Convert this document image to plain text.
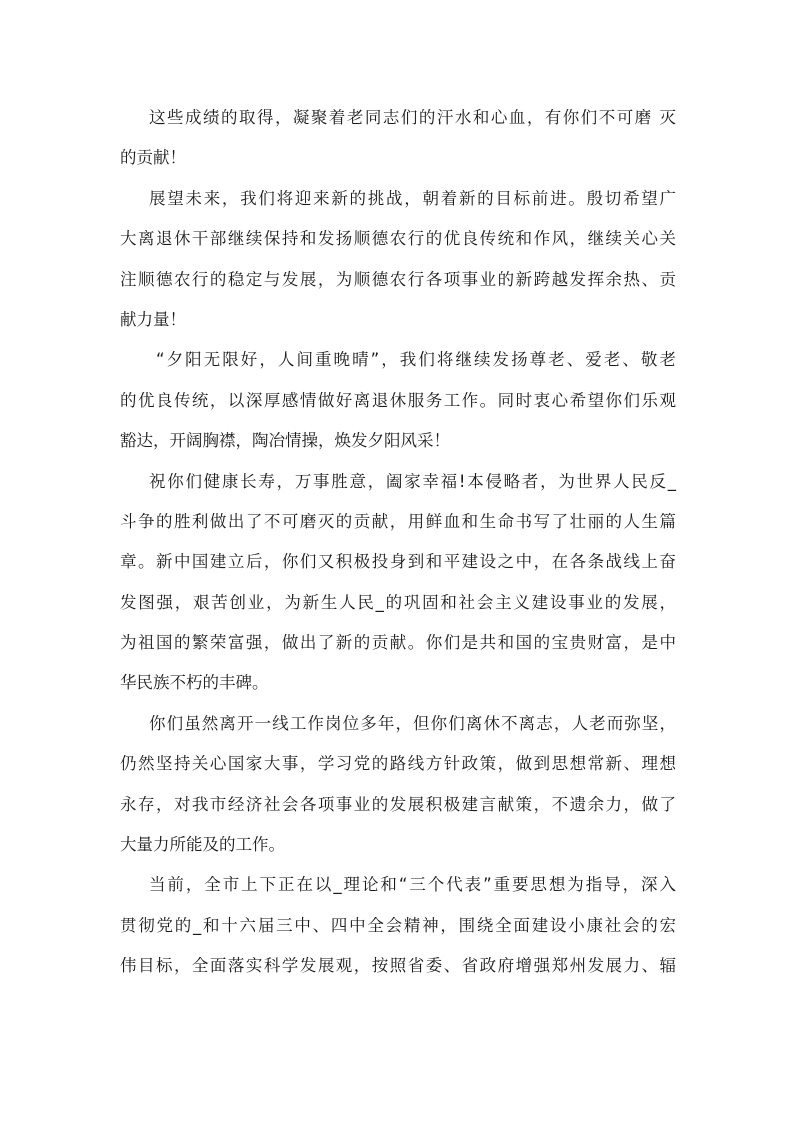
这些成绩的取得，凝聚着老同志们的汗水和心血，有你们不可磨 灭
的贡献！
展望未来，我们将迎来新的挑战，朝着新的目标前进。殷切希望广
大离退休干部继续保持和发扬顺德农行的优良传统和作风，继续关心关
注顺德农行的稳定与发展，为顺德农行各项事业的新跨越发挥余热、贡
献力量！
“夕阳无限好，人间重晚晴”，我们将继续发扬尊老、爱老、敬老
的优良传统，以深厚感情做好离退休服务工作。同时衷心希望你们乐观
豁达，开阔胸襟，陶冶情操，焕发夕阳风采！
祝你们健康长寿，万事胜意，阖家幸福!本侵略者，为世界人民反_
斗争的胜利做出了不可磨灭的贡献，用鲜血和生命书写了壮丽的人生篇
章。新中国建立后，你们又积极投身到和平建设之中，在各条战线上奋
发图强，艰苦创业，为新生人民_的巩固和社会主义建设事业的发展，
为祖国的繁荣富强，做出了新的贡献。你们是共和国的宝贵财富，是中
华民族不朽的丰碑。
你们虽然离开一线工作岗位多年，但你们离休不离志，人老而弥坚，
仍然坚持关心国家大事，学习党的路线方针政策，做到思想常新、理想
永存，对我市经济社会各项事业的发展积极建言献策，不遗余力，做了
大量力所能及的工作。
当前，全市上下正在以_理论和“三个代表”重要思想为指导，深入
贯彻党的_和十六届三中、四中全会精神，围绕全面建设小康社会的宏
伟目标，全面落实科学发展观，按照省委、省政府增强郑州发展力、辐
